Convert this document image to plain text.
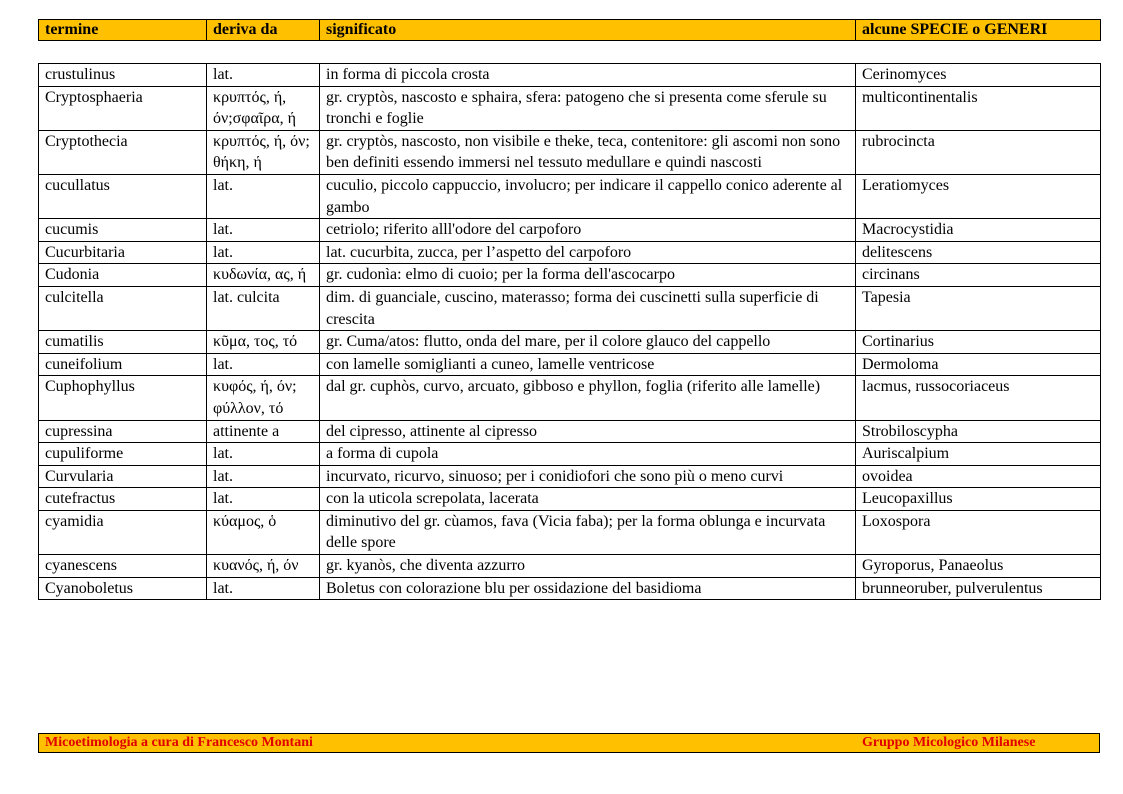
termine	deriva da	significato	alcune SPECIE o GENERI
crustulinus	lat.	in forma di piccola crosta	Cerinomyces
Cryptosphaeria	κρυπτός, ή, όν;σφαῖρα, ή	gr. cryptòs, nascosto e sphaira, sfera: patogeno che si presenta come sferule su tronchi e foglie	multicontinentalis
Cryptothecia	κρυπτός, ή, όν; θήκη, ή	gr. cryptòs, nascosto, non visibile e theke, teca, contenitore: gli ascomi non sono ben definiti essendo immersi nel tessuto medullare e quindi nascosti	rubrocincta
cucullatus	lat.	cuculio, piccolo cappuccio, involucro; per indicare il cappello conico aderente al gambo	Leratiomyces
cucumis	lat.	cetriolo; riferito alll'odore del carpoforo	Macrocystidia
Cucurbitaria	lat.	lat. cucurbita, zucca, per l’aspetto del carpoforo	delitescens
Cudonia	κυδωνία, ας, ή	gr. cudonìa: elmo di cuoio; per la forma dell'ascocarpo	circinans
culcitella	lat. culcita	dim. di guanciale, cuscino, materasso; forma dei cuscinetti sulla superficie di crescita	Tapesia
cumatilis	κῦμα, τος, τό	gr. Cuma/atos: flutto, onda del mare, per il colore glauco del cappello	Cortinarius
cuneifolium	lat.	con lamelle somiglianti a cuneo, lamelle ventricose	Dermoloma
Cuphophyllus	κυφός, ή, όν; φύλλον, τό	dal gr. cuphòs, curvo, arcuato, gibboso e phyllon, foglia (riferito alle lamelle)	lacmus, russocoriaceus
cupressina	attinente a	del cipresso, attinente al cipresso	Strobiloscypha
cupuliforme	lat.	a forma di cupola	Auriscalpium
Curvularia	lat.	incurvato, ricurvo, sinuoso; per i conidiofori che sono più o meno curvi	ovoidea
cutefractus	lat.	con la uticola screpolata, lacerata	Leucopaxillus
cyamidia	κύαμος, ὁ	diminutivo del gr. cùamos, fava (Vicia faba); per la forma oblunga e incurvata delle spore	Loxospora
cyanescens	κυανός, ή, όν	gr. kyanòs, che diventa azzurro	Gyroporus, Panaeolus
Cyanoboletus	lat.	Boletus con colorazione blu per ossidazione del basidioma	brunneoruber, pulverulentus
Micoetimologia a cura di Francesco Montani	Gruppo Micologico Milanese
